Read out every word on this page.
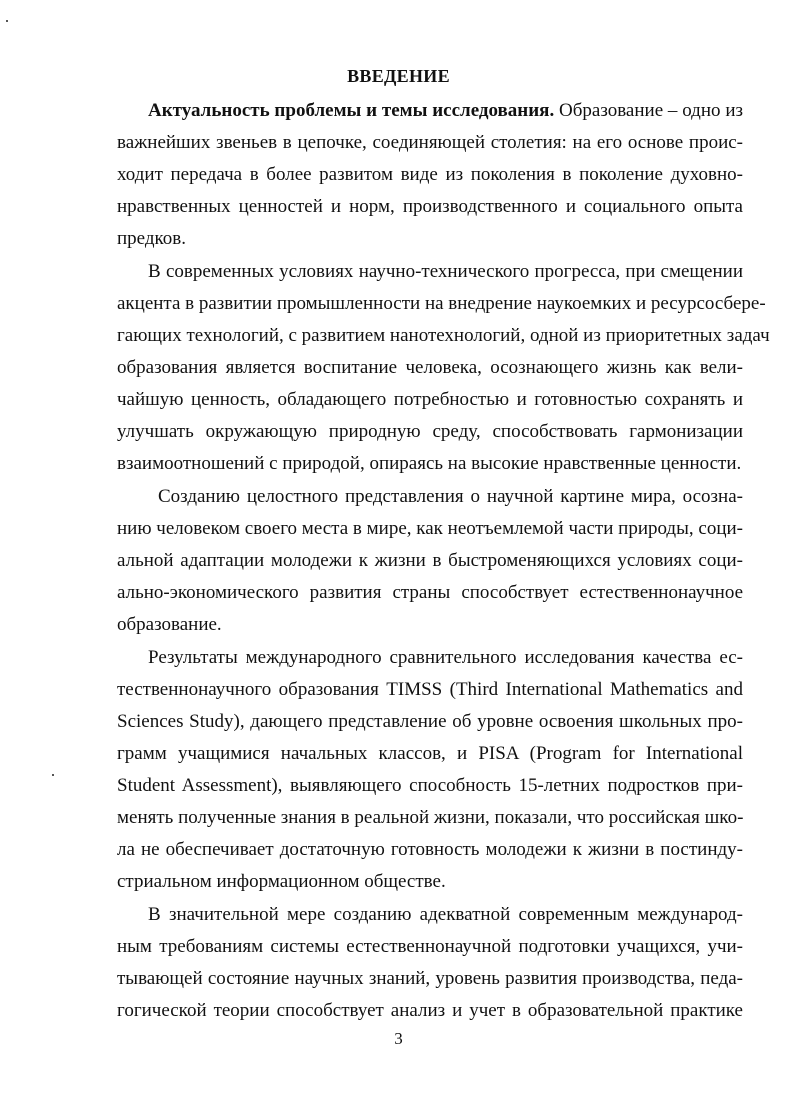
ВВЕДЕНИЕ
Актуальность проблемы и темы исследования. Образование – одно из
важнейших звеньев в цепочке, соединяющей столетия: на его основе проис-
ходит передача в более развитом виде из поколения в поколение духовно-
нравственных ценностей и норм, производственного и социального опыта
предков.
В современных условиях научно-технического прогресса, при смещении
акцента в развитии промышленности на внедрение наукоемких и ресурсосбере-
гающих технологий, с развитием нанотехнологий, одной из приоритетных задач
образования является воспитание человека, осознающего жизнь как вели-
чайшую ценность, обладающего потребностью и готовностью сохранять и
улучшать окружающую природную среду, способствовать гармонизации
взаимоотношений с природой, опираясь на высокие нравственные ценности.
Созданию целостного представления о научной картине мира, осозна-
нию человеком своего места в мире, как неотъемлемой части природы, соци-
альной адаптации молодежи к жизни в быстроменяющихся условиях соци-
ально-экономического развития страны способствует естественнонаучное
образование.
Результаты международного сравнительного исследования качества ес-
тественнонаучного образования TIMSS (Third International Mathematics and
Sciences Study), дающего представление об уровне освоения школьных про-
грамм учащимися начальных классов, и PISA (Program for International
Student Assessment), выявляющего способность 15-летних подростков при-
менять полученные знания в реальной жизни, показали, что российская шко-
ла не обеспечивает достаточную готовность молодежи к жизни в постинду-
стриальном информационном обществе.
В значительной мере созданию адекватной современным международ-
ным требованиям системы естественнонаучной подготовки учащихся, учи-
тывающей состояние научных знаний, уровень развития производства, педа-
гогической теории способствует анализ и учет в образовательной практике
3
